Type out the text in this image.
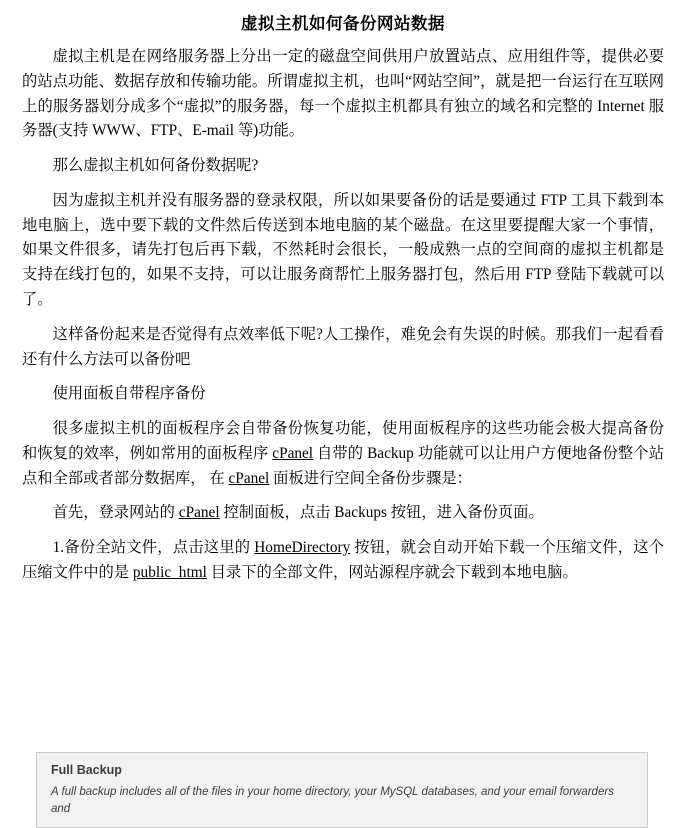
虚拟主机如何备份网站数据

虚拟主机是在网络服务器上分出一定的磁盘空间供用户放置站点、应用组件等，提供必要的站点功能、数据存放和传输功能。所谓虚拟主机，也叫“网站空间”，就是把一台运行在互联网上的服务器划分成多个“虚拟”的服务器，每一个虚拟主机都具有独立的域名和完整的 Internet 服务器(支持 WWW、FTP、E-mail 等)功能。

那么虚拟主机如何备份数据呢?

因为虚拟主机并没有服务器的登录权限，所以如果要备份的话是要通过 FTP 工具下载到本地电脑上，选中要下载的文件然后传送到本地电脑的某个磁盘。在这里要提醒大家一个事情，如果文件很多，请先打包后再下载，不然耗时会很长，一般成熟一点的空间商的虚拟主机都是支持在线打包的，如果不支持，可以让服务商帮忙上服务器打包，然后用 FTP 登陆下载就可以了。

这样备份起来是否觉得有点效率低下呢?人工操作，难免会有失误的时候。那我们一起看看还有什么方法可以备份吧

使用面板自带程序备份

很多虚拟主机的面板程序会自带备份恢复功能，使用面板程序的这些功能会极大提高备份和恢复的效率，例如常用的面板程序 cPanel 自带的 Backup 功能就可以让用户方便地备份整个站点和全部或者部分数据库， 在 cPanel 面板进行空间全备份步骤是：

首先，登录网站的 cPanel 控制面板，点击 Backups 按钮，进入备份页面。

1.备份全站文件，点击这里的 HomeDirectory 按钮，就会自动开始下载一个压缩文件，这个压缩文件中的是 public_html 目录下的全部文件，网站源程序就会下载到本地电脑。

Full Backup
A full backup includes all of the files in your home directory, your MySQL databases, and your email forwarders and
